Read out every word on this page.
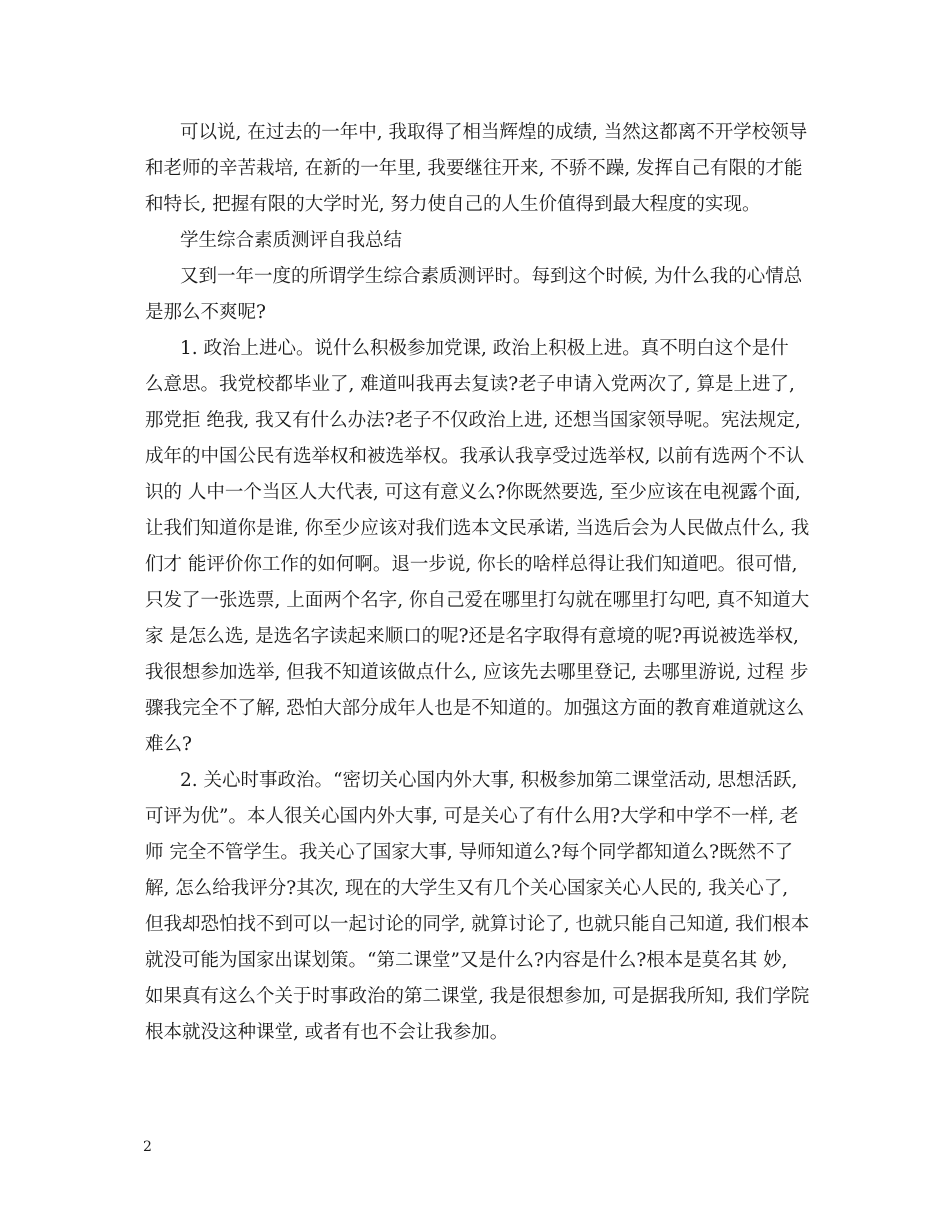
可以说, 在过去的一年中, 我取得了相当辉煌的成绩, 当然这都离不开学校领导
和老师的辛苦栽培, 在新的一年里, 我要继往开来, 不骄不躁, 发挥自己有限的才能
和特长, 把握有限的大学时光, 努力使自己的人生价值得到最大程度的实现。
学生综合素质测评自我总结
又到一年一度的所谓学生综合素质测评时。每到这个时候, 为什么我的心情总
是那么不爽呢?
1. 政治上进心。说什么积极参加党课, 政治上积极上进。真不明白这个是什
么意思。我党校都毕业了, 难道叫我再去复读?老子申请入党两次了, 算是上进了,
那党拒 绝我, 我又有什么办法?老子不仅政治上进, 还想当国家领导呢。宪法规定,
成年的中国公民有选举权和被选举权。我承认我享受过选举权, 以前有选两个不认
识的 人中一个当区人大代表, 可这有意义么?你既然要选, 至少应该在电视露个面,
让我们知道你是谁, 你至少应该对我们选本文民承诺, 当选后会为人民做点什么, 我
们才 能评价你工作的如何啊。退一步说, 你长的啥样总得让我们知道吧。很可惜,
只发了一张选票, 上面两个名字, 你自己爱在哪里打勾就在哪里打勾吧, 真不知道大
家 是怎么选, 是选名字读起来顺口的呢?还是名字取得有意境的呢?再说被选举权,
我很想参加选举, 但我不知道该做点什么, 应该先去哪里登记, 去哪里游说, 过程 步
骤我完全不了解, 恐怕大部分成年人也是不知道的。加强这方面的教育难道就这么
难么?
2. 关心时事政治。“密切关心国内外大事, 积极参加第二课堂活动, 思想活跃,
可评为优”。本人很关心国内外大事, 可是关心了有什么用?大学和中学不一样, 老
师 完全不管学生。我关心了国家大事, 导师知道么?每个同学都知道么?既然不了
解, 怎么给我评分?其次, 现在的大学生又有几个关心国家关心人民的, 我关心了,
但我却恐怕找不到可以一起讨论的同学, 就算讨论了, 也就只能自己知道, 我们根本
就没可能为国家出谋划策。“第二课堂”又是什么?内容是什么?根本是莫名其 妙,
如果真有这么个关于时事政治的第二课堂, 我是很想参加, 可是据我所知, 我们学院
根本就没这种课堂, 或者有也不会让我参加。
2
